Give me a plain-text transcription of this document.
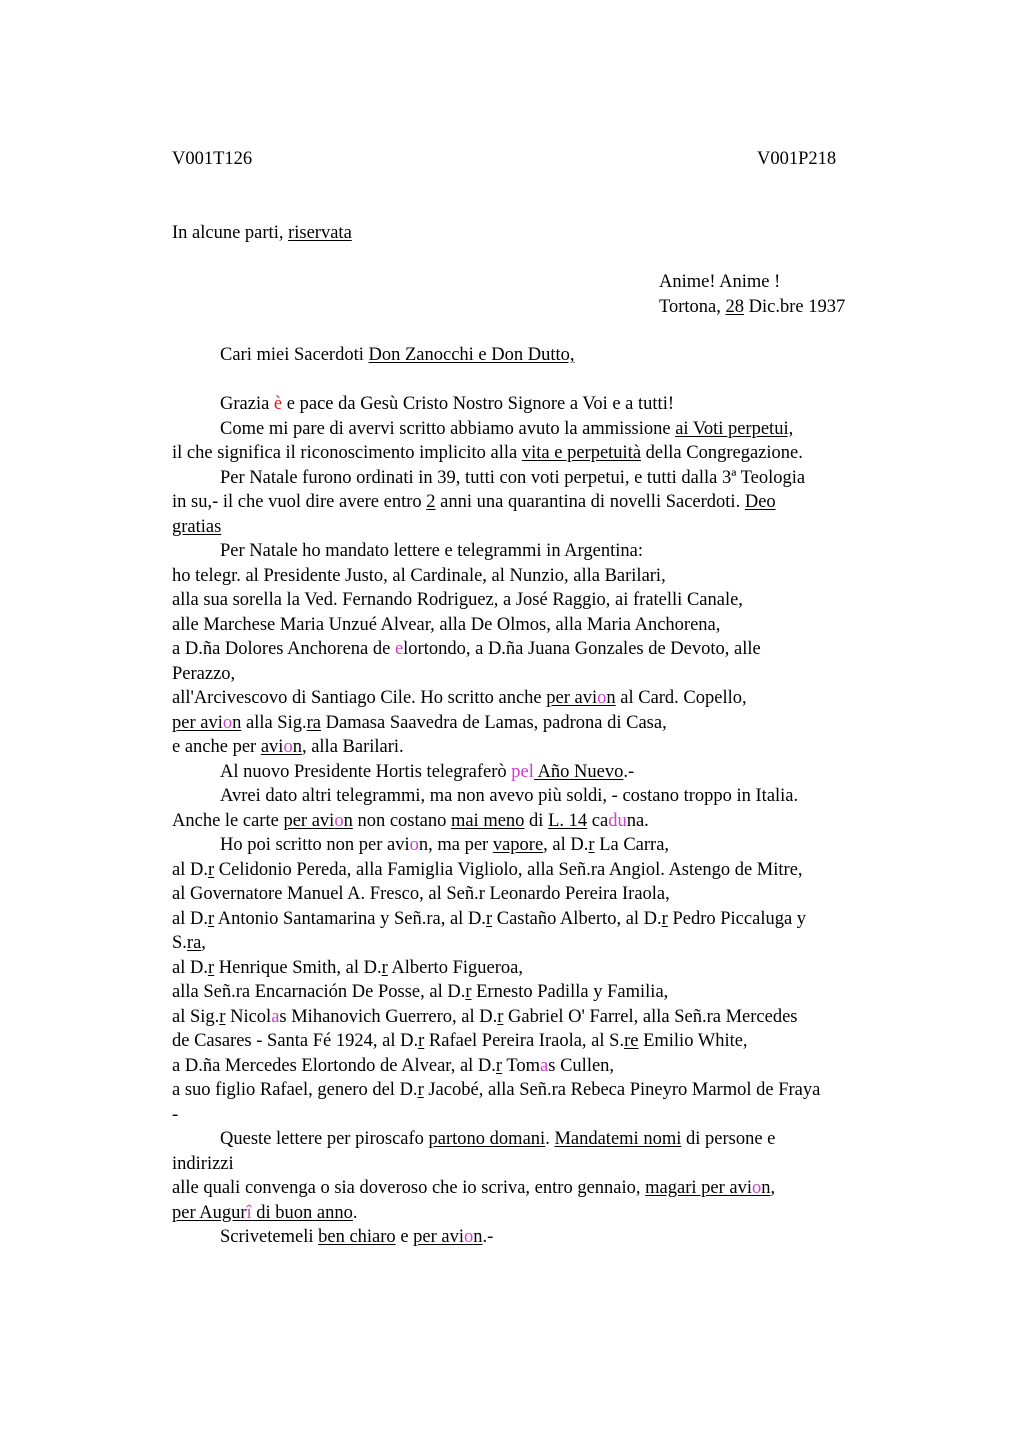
V001T126	V001P218
In alcune parti, riservata
Anime! Anime !
Tortona, 28 Dic.bre 1937
Cari miei Sacerdoti Don Zanocchi e Don Dutto,
Grazia è e pace da Gesù Cristo Nostro Signore a Voi e a tutti!
Come mi pare di avervi scritto abbiamo avuto la ammissione ai Voti perpetui,
il che significa il riconoscimento implicito alla vita e perpetuità della Congregazione.
Per Natale furono ordinati in 39, tutti con voti perpetui, e tutti dalla 3ª Teologia
in su,- il che vuol dire avere entro 2 anni una quarantina di novelli Sacerdoti. Deo
gratias
Per Natale ho mandato lettere e telegrammi in Argentina:
ho telegr. al Presidente Justo, al Cardinale, al Nunzio, alla Barilari,
alla sua sorella la Ved. Fernando Rodriguez, a José Raggio, ai fratelli Canale,
alle Marchese Maria Unzué Alvear, alla De Olmos, alla Maria Anchorena,
a D.ña Dolores Anchorena de elortondo, a D.ña Juana Gonzales de Devoto, alle
Perazzo,
all'Arcivescovo di Santiago Cile. Ho scritto anche per avion al Card. Copello,
per avion alla Sig.ra Damasa Saavedra de Lamas, padrona di Casa,
e anche per avion, alla Barilari.
Al nuovo Presidente Hortis telegraferò pel Año Nuevo.-
Avrei dato altri telegrammi, ma non avevo più soldi, - costano troppo in Italia.
Anche le carte per avion non costano mai meno di L. 14 caduna.
Ho poi scritto non per avion, ma per vapore, al D.r La Carra,
al D.r Celidonio Pereda, alla Famiglia Vigliolo, alla Señ.ra Angiol. Astengo de Mitre,
al Governatore Manuel A. Fresco, al Señ.r Leonardo Pereira Iraola,
al D.r Antonio Santamarina y Señ.ra, al D.r Castaño Alberto, al D.r Pedro Piccaluga y
S.ra,
al D.r Henrique Smith, al D.r Alberto Figueroa,
alla Señ.ra Encarnación De Posse, al D.r Ernesto Padilla y Familia,
al Sig.r Nicolas Mihanovich Guerrero, al D.r Gabriel O' Farrel, alla Señ.ra Mercedes
de Casares - Santa Fé 1924, al D.r Rafael Pereira Iraola, al S.re Emilio White,
a D.ña Mercedes Elortondo de Alvear, al D.r Tomas Cullen,
a suo figlio Rafael, genero del D.r Jacobé, alla Señ.ra Rebeca Pineyro Marmol de Fraya
-
Queste lettere per piroscafo partono domani. Mandatemi nomi di persone e
indirizzi
alle quali convenga o sia doveroso che io scriva, entro gennaio, magari per avion,
per Augurî di buon anno.
Scrivetemeli ben chiaro e per avion.-
